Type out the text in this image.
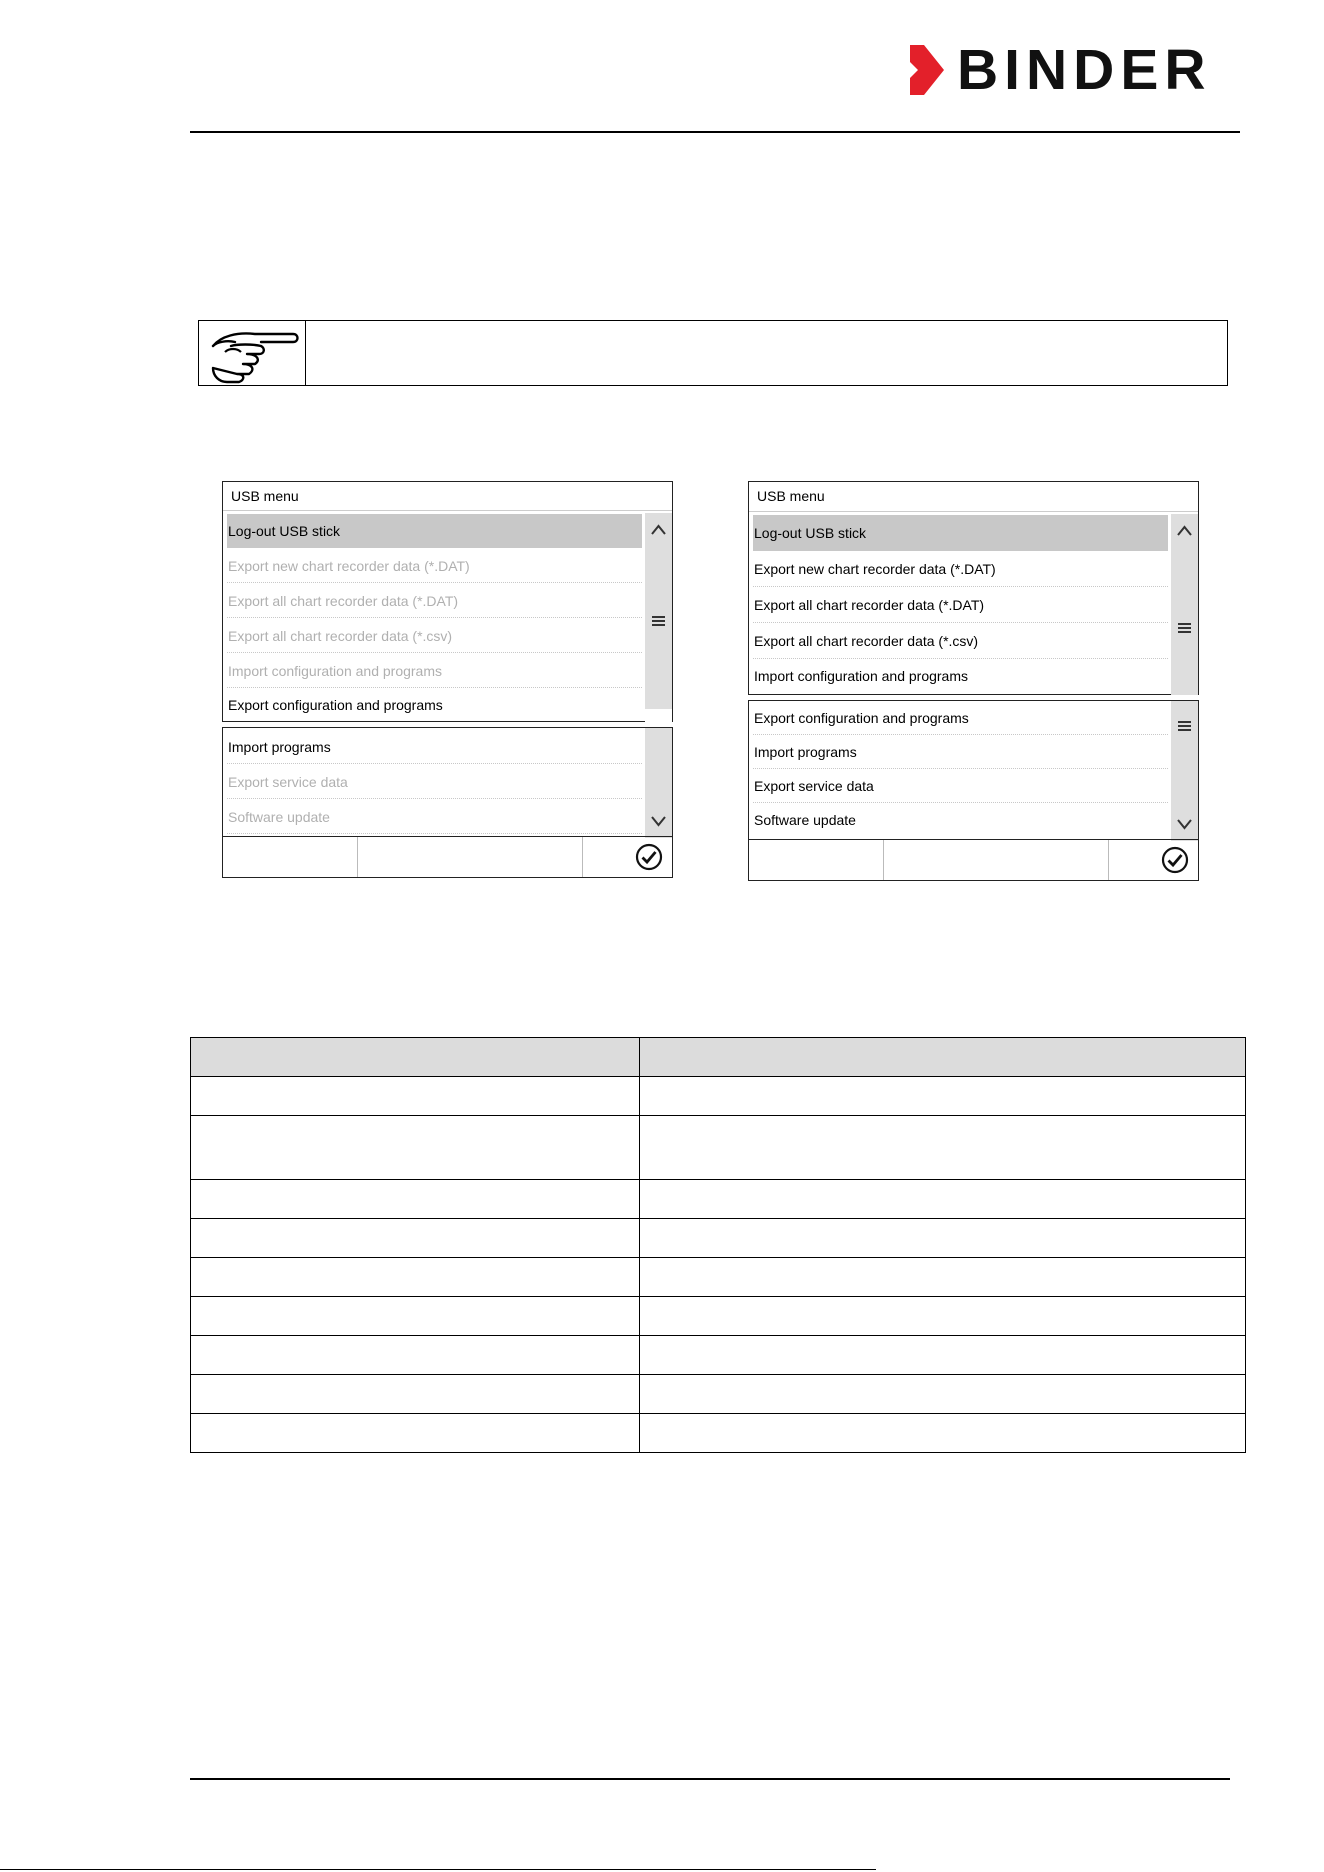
BINDER
USB menu
Log-out USB stick
Export new chart recorder data (*.DAT)
Export all chart recorder data (*.DAT)
Export all chart recorder data (*.csv)
Import configuration and programs
Export configuration and programs
Import programs
Export service data
Software update
USB menu
Log-out USB stick
Export new chart recorder data (*.DAT)
Export all chart recorder data (*.DAT)
Export all chart recorder data (*.csv)
Import configuration and programs
Export configuration and programs
Import programs
Export service data
Software update
